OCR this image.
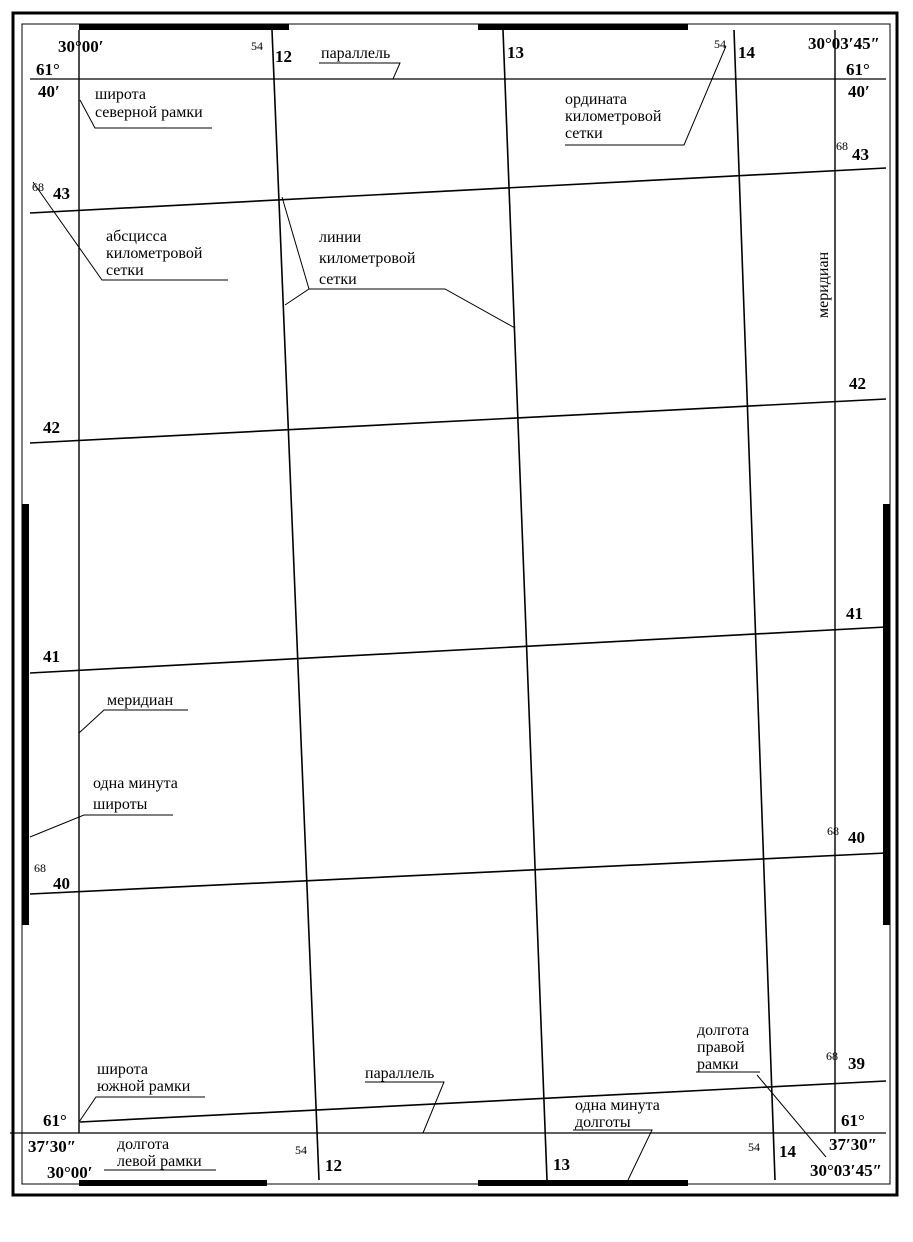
30°00′	30°03′45″
61°
40′
61°
40′
61°
37′30″
61°
37′30″
30°00′	30°03′45″
54
12	13	54 14
54
12	13
54 14
68 43
42
41
68
40
68 43
42
41
68 40
68 39
параллель
широта
северной рамки
ордината
километровой
сетки
абсцисса
километровой
сетки
линии
километровой
сетки	меридиан
меридиан
одна минута
широты
широта
южной рамки
параллель
долгота
правой
рамки
одна минута
долготы
долгота
левой рамки
